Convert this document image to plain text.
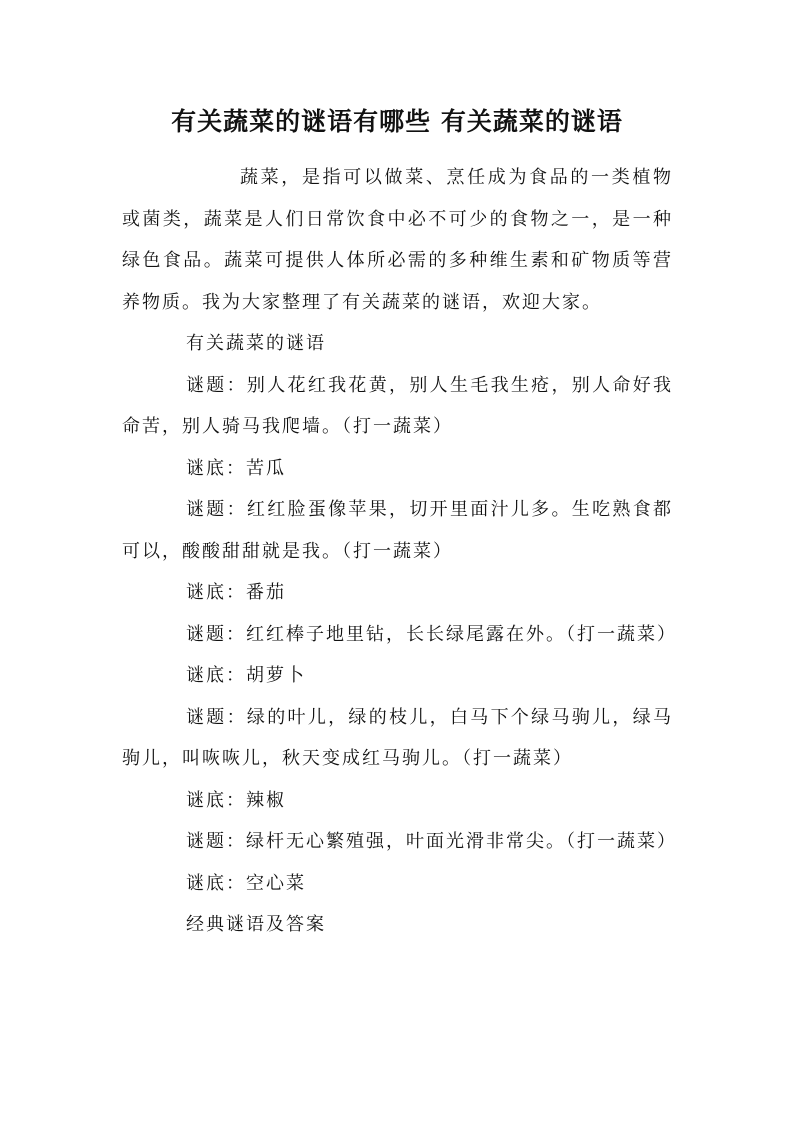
有关蔬菜的谜语有哪些 有关蔬菜的谜语

蔬菜，是指可以做菜、烹任成为食品的一类植物或菌类，蔬菜是人们日常饮食中必不可少的食物之一，是一种绿色食品。蔬菜可提供人体所必需的多种维生素和矿物质等营养物质。我为大家整理了有关蔬菜的谜语，欢迎大家。

有关蔬菜的谜语

谜题：别人花红我花黄，别人生毛我生疮，别人命好我命苦，别人骑马我爬墙。（打一蔬菜）

谜底：苦瓜

谜题：红红脸蛋像苹果，切开里面汁儿多。生吃熟食都可以，酸酸甜甜就是我。（打一蔬菜）

谜底：番茄

谜题：红红棒子地里钻，长长绿尾露在外。（打一蔬菜）

谜底：胡萝卜

谜题：绿的叶儿，绿的枝儿，白马下个绿马驹儿，绿马驹儿，叫咴咴儿，秋天变成红马驹儿。（打一蔬菜）

谜底：辣椒

谜题：绿杆无心繁殖强，叶面光滑非常尖。（打一蔬菜）

谜底：空心菜

经典谜语及答案
